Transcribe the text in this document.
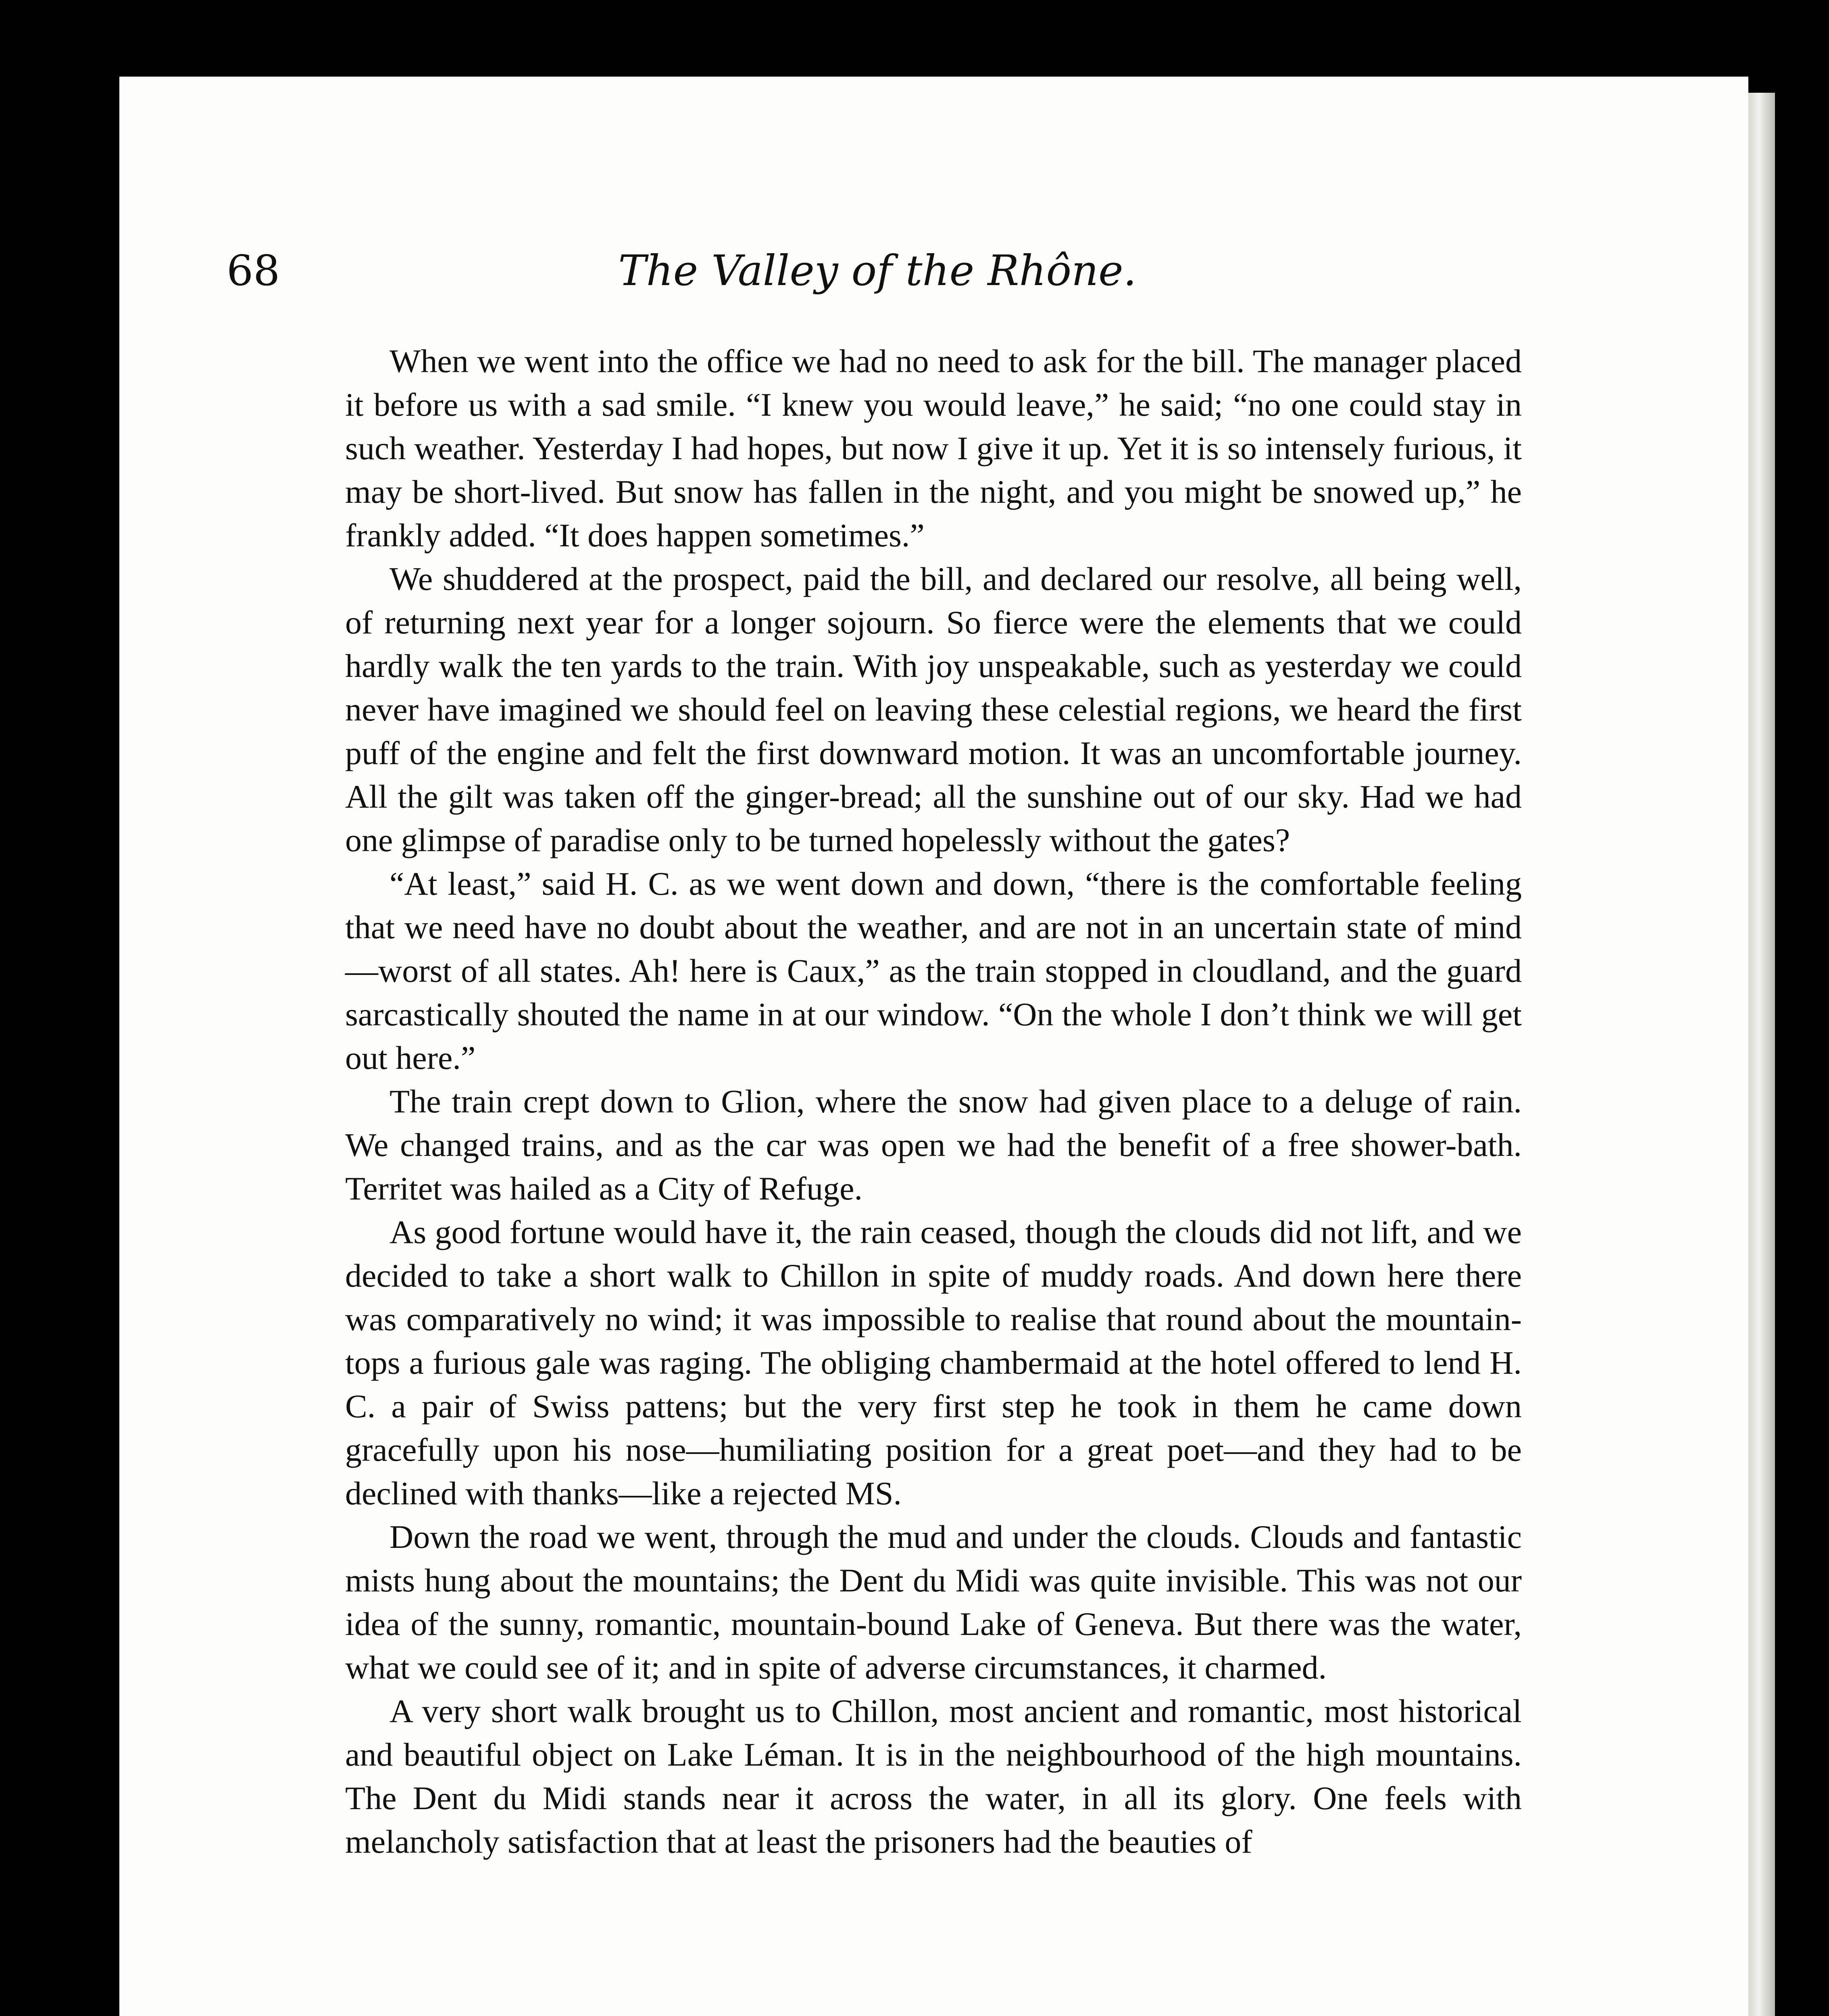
68	The Valley of the Rhône.

When we went into the office we had no need to ask for the bill. The manager placed it before us with a sad smile. “I knew you would leave,” he said; “no one could stay in such weather. Yesterday I had hopes, but now I give it up. Yet it is so intensely furious, it may be short-lived. But snow has fallen in the night, and you might be snowed up,” he frankly added. “It does happen sometimes.”

We shuddered at the prospect, paid the bill, and declared our resolve, all being well, of returning next year for a longer sojourn. So fierce were the elements that we could hardly walk the ten yards to the train. With joy unspeakable, such as yesterday we could never have imagined we should feel on leaving these celestial regions, we heard the first puff of the engine and felt the first downward motion. It was an uncomfortable journey. All the gilt was taken off the ginger-bread; all the sunshine out of our sky. Had we had one glimpse of paradise only to be turned hopelessly without the gates?

“At least,” said H. C. as we went down and down, “there is the comfortable feeling that we need have no doubt about the weather, and are not in an uncertain state of mind—worst of all states. Ah! here is Caux,” as the train stopped in cloudland, and the guard sarcastically shouted the name in at our window. “On the whole I don’t think we will get out here.”

The train crept down to Glion, where the snow had given place to a deluge of rain. We changed trains, and as the car was open we had the benefit of a free shower-bath. Territet was hailed as a City of Refuge.

As good fortune would have it, the rain ceased, though the clouds did not lift, and we decided to take a short walk to Chillon in spite of muddy roads. And down here there was comparatively no wind; it was impossible to realise that round about the mountain-tops a furious gale was raging. The obliging chambermaid at the hotel offered to lend H. C. a pair of Swiss pattens; but the very first step he took in them he came down gracefully upon his nose—humiliating position for a great poet—and they had to be declined with thanks—like a rejected MS.

Down the road we went, through the mud and under the clouds. Clouds and fantastic mists hung about the mountains; the Dent du Midi was quite invisible. This was not our idea of the sunny, romantic, mountain-bound Lake of Geneva. But there was the water, what we could see of it; and in spite of adverse circumstances, it charmed.

A very short walk brought us to Chillon, most ancient and romantic, most historical and beautiful object on Lake Léman. It is in the neighbourhood of the high mountains. The Dent du Midi stands near it across the water, in all its glory. One feels with melancholy satisfaction that at least the prisoners had the beauties of
